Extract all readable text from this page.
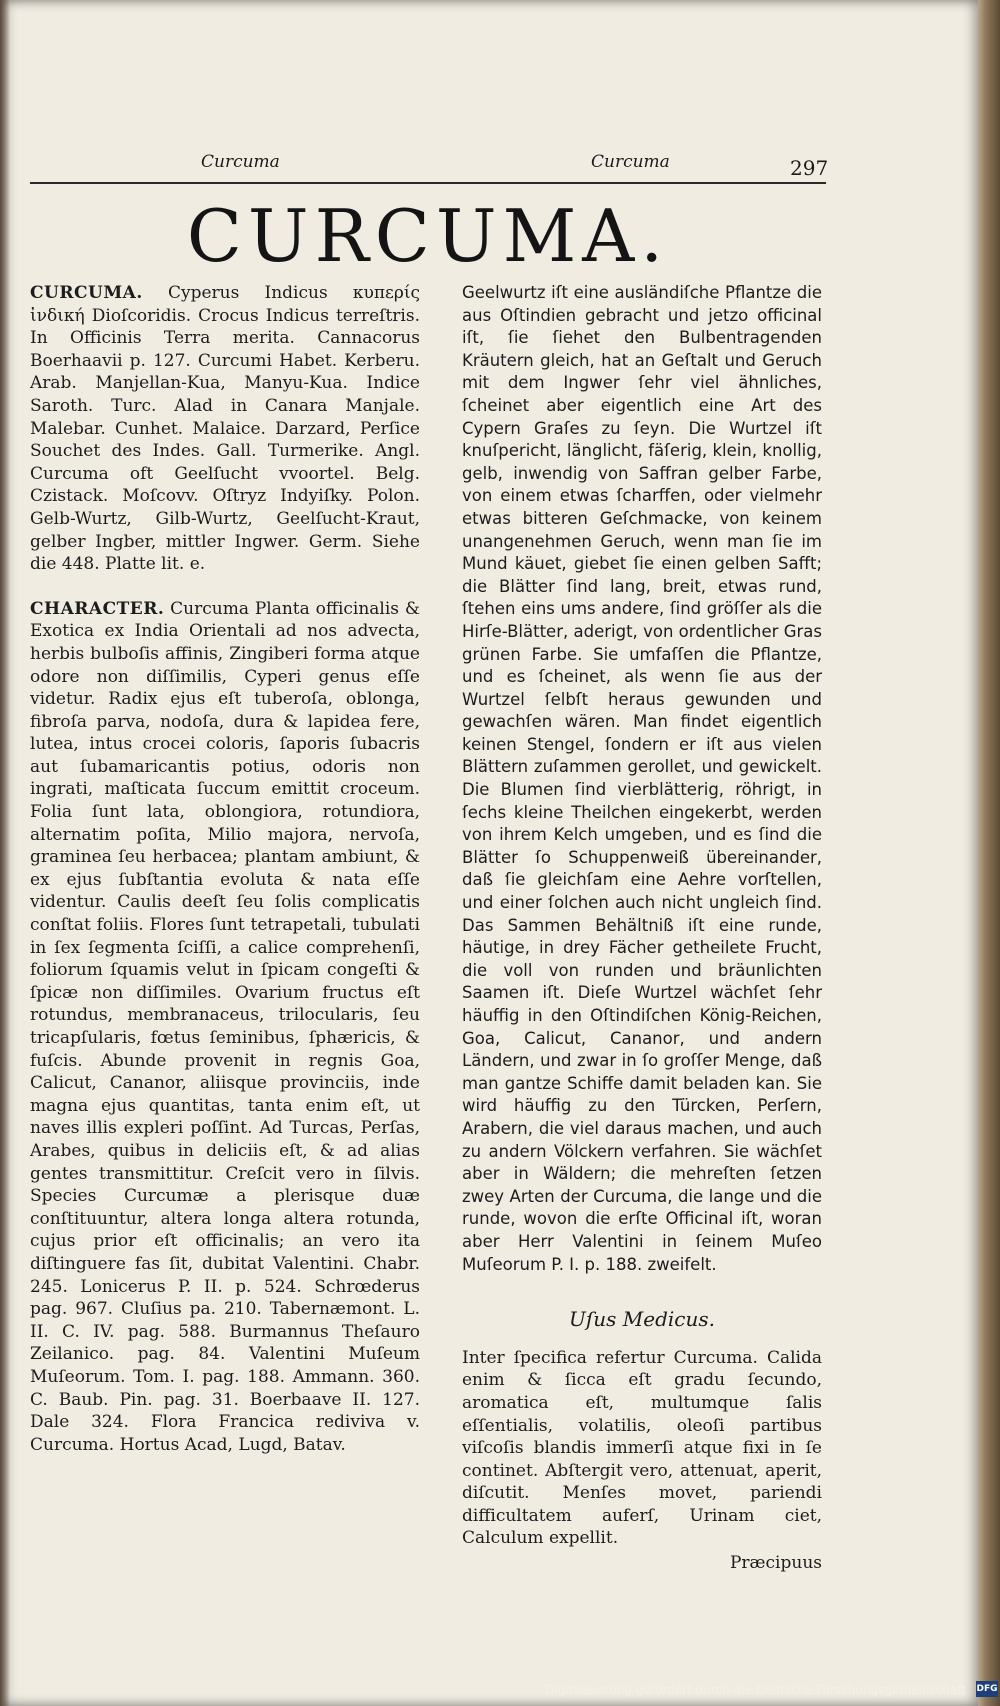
Curcuma	Curcuma	297
CURCUMA.

CURCUMA. Cyperus Indicus κυπερίς ἰνδική Dioſcoridis. Crocus Indicus terreſtris. In Officinis Terra merita. Cannacorus Boerhaavii p. 127. Curcumi Habet. Kerberu. Arab. Manjellan-Kua, Manyu-Kua. Indice Saroth. Turc. Alad in Canara Manjale. Malebar. Cunhet. Malaice. Darzard, Perſice Souchet des Indes. Gall. Turmerike. Angl. Curcuma oft Geelſucht vvoortel. Belg. Czistack. Moſcovv. Oſtryz Indyiſky. Polon. Gelb-Wurtz, Gilb-Wurtz, Geelſucht-Kraut, gelber Ingber, mittler Ingwer. Germ. Siehe die 448. Platte lit. e.

CHARACTER. Curcuma Planta officinalis & Exotica ex India Orientali ad nos advecta, herbis bulboſis affinis, Zingiberi forma atque odore non diſſimilis, Cyperi genus eſſe videtur. Radix ejus eſt tuberoſa, oblonga, fibroſa parva, nodoſa, dura & lapidea fere, lutea, intus crocei coloris, ſaporis ſubacris aut ſubamaricantis potius, odoris non ingrati, maſticata ſuccum emittit croceum. Folia ſunt lata, oblongiora, rotundiora, alternatim poſita, Milio majora, nervoſa, graminea ſeu herbacea; plantam ambiunt, & ex ejus ſubſtantia evoluta & nata eſſe videntur. Caulis deeſt ſeu ſolis complicatis conſtat foliis. Flores ſunt tetrapetali, tubulati in ſex ſegmenta ſciſſi, a calice comprehenſi, foliorum ſquamis velut in ſpicam congeſti & ſpicæ non diſſimiles. Ovarium fructus eſt rotundus, membranaceus, trilocularis, ſeu tricapſularis, fœtus ſeminibus, ſphæricis, & fuſcis. Abunde provenit in regnis Goa, Calicut, Cananor, aliisque provinciis, inde magna ejus quantitas, tanta enim eſt, ut naves illis expleri poſſint. Ad Turcas, Perſas, Arabes, quibus in deliciis eſt, & ad alias gentes transmittitur. Creſcit vero in ſilvis. Species Curcumæ a plerisque duæ conſtituuntur, altera longa altera rotunda, cujus prior eſt officinalis; an vero ita diſtinguere fas ſit, dubitat Valentini. Chabr. 245. Lonicerus P. II. p. 524. Schrœderus pag. 967. Cluſius pa. 210. Tabernæmont. L. II. C. IV. pag. 588. Burmannus Theſauro Zeilanico. pag. 84. Valentini Muſeum Muſeorum. Tom. I. pag. 188. Ammann. 360. C. Baub. Pin. pag. 31. Boerbaave II. 127. Dale 324. Flora Francica rediviva v. Curcuma. Hortus Acad, Lugd, Batav.

Geelwurtz iſt eine ausländiſche Pflantze die aus Oſtindien gebracht und jetzo officinal iſt, ſie ſiehet den Bulbentragenden Kräutern gleich, hat an Geſtalt und Geruch mit dem Ingwer ſehr viel ähnliches, ſcheinet aber eigentlich eine Art des Cypern Graſes zu ſeyn. Die Wurtzel iſt knuſpericht, länglicht, fäſerig, klein, knollig, gelb, inwendig von Saffran gelber Farbe, von einem etwas ſcharffen, oder vielmehr etwas bitteren Geſchmacke, von keinem unangenehmen Geruch, wenn man ſie im Mund käuet, giebet ſie einen gelben Safft; die Blätter ſind lang, breit, etwas rund, ſtehen eins ums andere, ſind gröſſer als die Hirſe-Blätter, aderigt, von ordentlicher Gras grünen Farbe. Sie umfaſſen die Pflantze, und es ſcheinet, als wenn ſie aus der Wurtzel ſelbſt heraus gewunden und gewachſen wären. Man findet eigentlich keinen Stengel, ſondern er iſt aus vielen Blättern zuſammen gerollet, und gewickelt. Die Blumen ſind vierblätterig, röhrigt, in ſechs kleine Theilchen eingekerbt, werden von ihrem Kelch umgeben, und es ſind die Blätter ſo Schuppenweiß übereinander, daß ſie gleichſam eine Aehre vorſtellen, und einer ſolchen auch nicht ungleich ſind. Das Sammen Behältniß iſt eine runde, häutige, in drey Fächer getheilete Frucht, die voll von runden und bräunlichten Saamen iſt. Dieſe Wurtzel wächſet ſehr häuffig in den Oſtindiſchen König-Reichen, Goa, Calicut, Cananor, und andern Ländern, und zwar in ſo groſſer Menge, daß man gantze Schiffe damit beladen kan. Sie wird häuffig zu den Türcken, Perſern, Arabern, die viel daraus machen, und auch zu andern Völckern verfahren. Sie wächſet aber in Wäldern; die mehreſten ſetzen zwey Arten der Curcuma, die lange und die runde, wovon die erſte Officinal iſt, woran aber Herr Valentini in ſeinem Muſeo Muſeorum P. I. p. 188. zweifelt.

Uſus Medicus.

Inter ſpecifica refertur Curcuma. Calida enim & ſicca eſt gradu ſecundo, aromatica eſt, multumque ſalis eſſentialis, volatilis, oleoſi partibus viſcoſis blandis immerſi atque fixi in ſe continet. Abſtergit vero, attenuat, aperit, diſcutit. Menſes movet, pariendi difficultatem auferſ, Urinam ciet, Calculum expellit.

Præcipuus
Digitalisierung gefördert durch die Deutsche Forschungsgemeinschaft DFG
